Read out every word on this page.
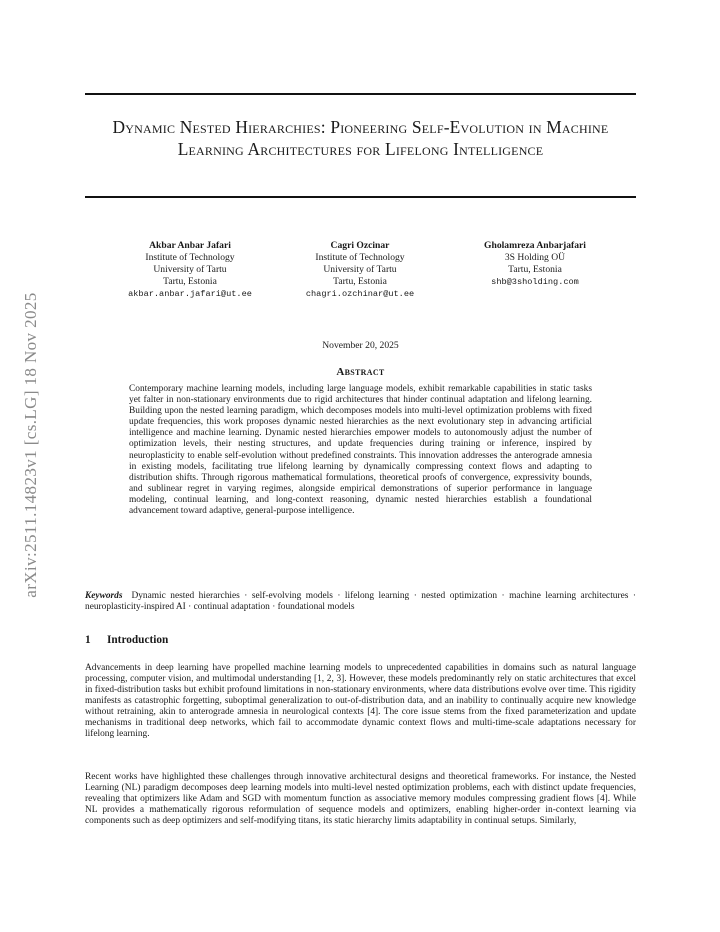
arXiv:2511.14823v1 [cs.LG] 18 Nov 2025
Dynamic Nested Hierarchies: Pioneering Self-Evolution in Machine Learning Architectures for Lifelong Intelligence
Akbar Anbar Jafari
Institute of Technology
University of Tartu
Tartu, Estonia
akbar.anbar.jafari@ut.ee
Cagri Ozcinar
Institute of Technology
University of Tartu
Tartu, Estonia
chagri.ozchinar@ut.ee
Gholamreza Anbarjafari
3S Holding OÜ
Tartu, Estonia
shb@3sholding.com
November 20, 2025
Abstract
Contemporary machine learning models, including large language models, exhibit remarkable capabilities in static tasks yet falter in non-stationary environments due to rigid architectures that hinder continual adaptation and lifelong learning. Building upon the nested learning paradigm, which decomposes models into multi-level optimization problems with fixed update frequencies, this work proposes dynamic nested hierarchies as the next evolutionary step in advancing artificial intelligence and machine learning. Dynamic nested hierarchies empower models to autonomously adjust the number of optimization levels, their nesting structures, and update frequencies during training or inference, inspired by neuroplasticity to enable self-evolution without predefined constraints. This innovation addresses the anterograde amnesia in existing models, facilitating true lifelong learning by dynamically compressing context flows and adapting to distribution shifts. Through rigorous mathematical formulations, theoretical proofs of convergence, expressivity bounds, and sublinear regret in varying regimes, alongside empirical demonstrations of superior performance in language modeling, continual learning, and long-context reasoning, dynamic nested hierarchies establish a foundational advancement toward adaptive, general-purpose intelligence.
Keywords Dynamic nested hierarchies · self-evolving models · lifelong learning · nested optimization · machine learning architectures · neuroplasticity-inspired AI · continual adaptation · foundational models
1 Introduction
Advancements in deep learning have propelled machine learning models to unprecedented capabilities in domains such as natural language processing, computer vision, and multimodal understanding [1, 2, 3]. However, these models predominantly rely on static architectures that excel in fixed-distribution tasks but exhibit profound limitations in non-stationary environments, where data distributions evolve over time. This rigidity manifests as catastrophic forgetting, suboptimal generalization to out-of-distribution data, and an inability to continually acquire new knowledge without retraining, akin to anterograde amnesia in neurological contexts [4]. The core issue stems from the fixed parameterization and update mechanisms in traditional deep networks, which fail to accommodate dynamic context flows and multi-time-scale adaptations necessary for lifelong learning.
Recent works have highlighted these challenges through innovative architectural designs and theoretical frameworks. For instance, the Nested Learning (NL) paradigm decomposes deep learning models into multi-level nested optimization problems, each with distinct update frequencies, revealing that optimizers like Adam and SGD with momentum function as associative memory modules compressing gradient flows [4]. While NL provides a mathematically rigorous reformulation of sequence models and optimizers, enabling higher-order in-context learning via components such as deep optimizers and self-modifying titans, its static hierarchy limits adaptability in continual setups. Similarly,
